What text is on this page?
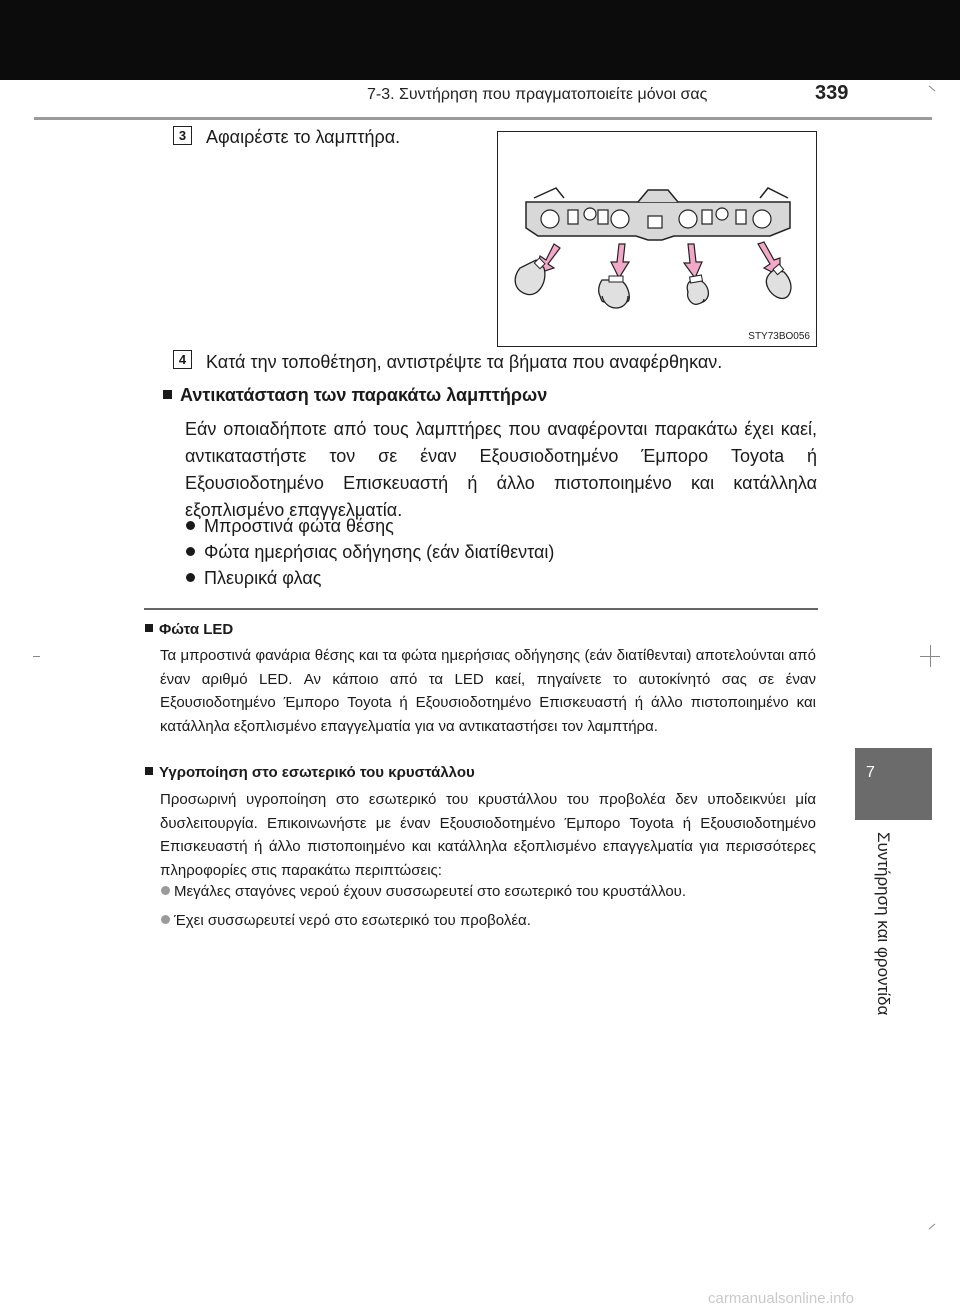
7-3. Συντήρηση που πραγματοποιείτε μόνοι σας	339
3	Αφαιρέστε το λαμπτήρα.
STY73BO056
4	Κατά την τοποθέτηση, αντιστρέψτε τα βήματα που αναφέρθηκαν.
Αντικατάσταση των παρακάτω λαμπτήρων
Εάν οποιαδήποτε από τους λαμπτήρες που αναφέρονται παρακάτω έχει καεί, αντικαταστήστε τον σε έναν Εξουσιοδοτημένο Έμπορο Toyota ή Εξουσιοδοτημένο Επισκευαστή ή άλλο πιστοποιημένο και κατάλληλα εξοπλισμένο επαγγελματία.
Μπροστινά φώτα θέσης
Φώτα ημερήσιας οδήγησης (εάν διατίθενται)
Πλευρικά φλας
Φώτα LED
Τα μπροστινά φανάρια θέσης και τα φώτα ημερήσιας οδήγησης (εάν διατίθενται) αποτελούνται από έναν αριθμό LED. Αν κάποιο από τα LED καεί, πηγαίνετε το αυτοκίνητό σας σε έναν Εξουσιοδοτημένο Έμπορο Toyota ή Εξουσιοδοτημένο Επισκευαστή ή άλλο πιστοποιημένο και κατάλληλα εξοπλισμένο επαγγελματία για να αντικαταστήσει τον λαμπτήρα.
Υγροποίηση στο εσωτερικό του κρυστάλλου
Προσωρινή υγροποίηση στο εσωτερικό του κρυστάλλου του προβολέα δεν υποδεικνύει μία δυσλειτουργία. Επικοινωνήστε με έναν Εξουσιοδοτημένο Έμπορο Toyota ή Εξουσιοδοτημένο Επισκευαστή ή άλλο πιστοποιημένο και κατάλληλα εξοπλισμένο επαγγελματία για περισσότερες πληροφορίες στις παρακάτω περιπτώσεις:
Μεγάλες σταγόνες νερού έχουν συσσωρευτεί στο εσωτερικό του κρυστάλλου.
Έχει συσσωρευτεί νερό στο εσωτερικό του προβολέα.
7
Συντήρηση και φροντίδα
carmanualsonline.info
